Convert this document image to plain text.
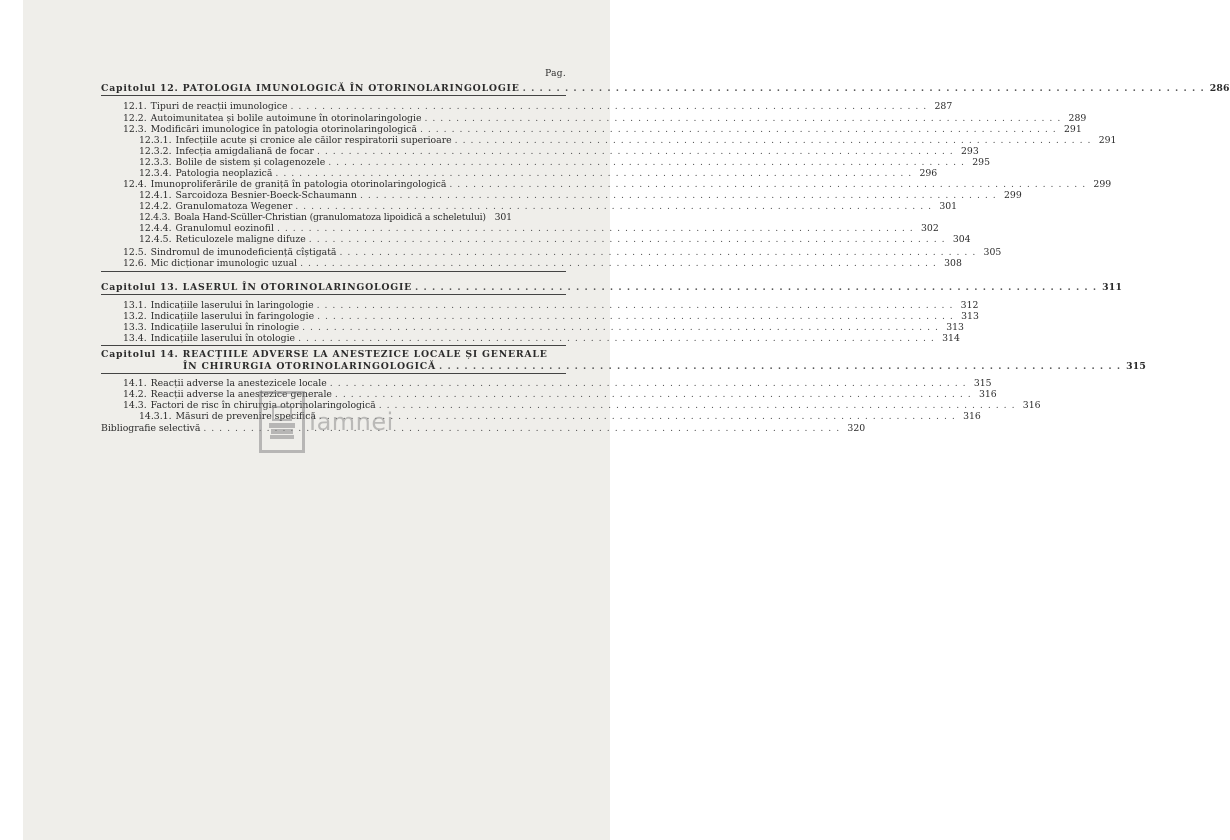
Pag.
Capitolul 12. PATOLOGIA IMUNOLOGICĂ ÎN OTORINOLARINGOLOGIE . . .	286
12.1. Tipuri de reacții imunologice . . .	287
12.2. Autoimunitatea și bolile autoimune în otorinolaringologie . . .	289
12.3. Modificări imunologice în patologia otorinolaringologică . . .	291
12.3.1. Infecțiile acute și cronice ale căilor respiratorii superioare . . .	291
12.3.2. Infecția amigdaliană de focar . . .	293
12.3.3. Bolile de sistem și colagenozele . . .	295
12.3.4. Patologia neoplazică . . .	296
12.4. Imunoproliferările de graniță în patologia otorinolaringologică . . .	299
12.4.1. Sarcoidoza Besnier-Boeck-Schaumann . . .	299
12.4.2. Granulomatoza Wegener . . .	301
12.4.3. Boala Hand-Scüller-Christian (granulomatoza lipoidică a scheletului) 301
12.4.4. Granulomul eozinofil . . .	302
12.4.5. Reticulozele maligne difuze . . .	304
12.5. Sindromul de imunodeficiență cîștigată . . .	305
12.6. Mic dicționar imunologic uzual . . .	308
Capitolul 13. LASERUL ÎN OTORINOLARINGOLOGIE . . .	311
13.1. Indicațiile laserului în laringologie . . .	312
13.2. Indicațiile laserului în faringologie . . .	313
13.3. Indicațiile laserului în rinologie . . .	313
13.4. Indicațiile laserului în otologie . . .	314
Capitolul 14. REACȚIILE ADVERSE LA ANESTEZICE LOCALE ȘI GENERALE
ÎN CHIRURGIA OTORINOLARINGOLOGICĂ . . .	315
14.1. Reacții adverse la anestezicele locale . . .	315
14.2. Reacții adverse la anestezice generale . . .	316
14.3. Factori de risc în chirurgia otorinolaringologică . . .	316
14.3.1. Măsuri de prevenire specifică . . .	316
Bibliografie selectivă . . .	320
Iamnei
